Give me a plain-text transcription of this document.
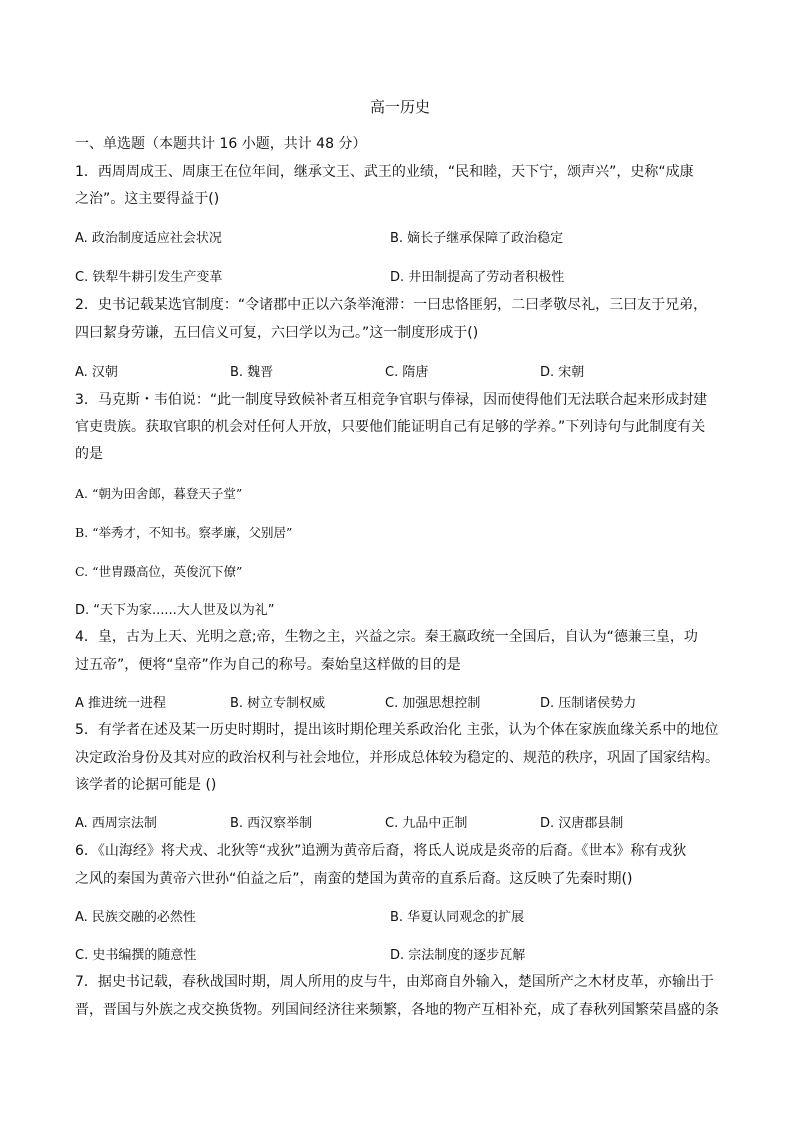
高一历史
一、单选题（本题共计 16 小题，共计 48 分）
1．西周周成王、周康王在位年间，继承文王、武王的业绩，“民和睦，天下宁，颂声兴”，史称“成康
之治”。这主要得益于()
A. 政治制度适应社会状况	B. 嫡长子继承保障了政治稳定
C. 铁犁牛耕引发生产变革	D. 井田制提高了劳动者积极性
2．史书记载某选官制度：“令诸郡中正以六条举淹滞：一曰忠恪匪躬，二曰孝敬尽礼，三曰友于兄弟，
四曰絜身劳谦，五曰信义可复，六曰学以为己。”这一制度形成于()
A. 汉朝	B. 魏晋	C. 隋唐	D. 宋朝
3．马克斯・韦伯说：“此一制度导致候补者互相竞争官职与俸禄，因而使得他们无法联合起来形成封建
官吏贵族。获取官职的机会对任何人开放，只要他们能证明自己有足够的学养。”下列诗句与此制度有关
的是
A. “朝为田舍郎，暮登天子堂”
B. “举秀才，不知书。察孝廉，父别居”
C. “世胄蹑高位，英俊沉下僚”
D. “天下为家......大人世及以为礼”
4．皇，古为上天、光明之意;帝，生物之主，兴益之宗。秦王嬴政统一全国后，自认为“德兼三皇，功
过五帝”，便将“皇帝”作为自己的称号。秦始皇这样做的目的是
A 推进统一进程	B. 树立专制权威	C. 加强思想控制	D. 压制诸侯势力
5．有学者在述及某一历史时期时，提出该时期伦理关系政治化 主张，认为个体在家族血缘关系中的地位
决定政治身份及其对应的政治权利与社会地位，并形成总体较为稳定的、规范的秩序，巩固了国家结构。
该学者的论据可能是 ()
A. 西周宗法制	B. 西汉察举制	C. 九品中正制	D. 汉唐郡县制
6．《山海经》将犬戎、北狄等“戎狄”追溯为黄帝后裔，将氐人说成是炎帝的后裔。《世本》称有戎狄
之风的秦国为黄帝六世孙“伯益之后”，南蛮的楚国为黄帝的直系后裔。这反映了先秦时期()
A. 民族交融的必然性	B. 华夏认同观念的扩展
C. 史书编撰的随意性	D. 宗法制度的逐步瓦解
7．据史书记载，春秋战国时期，周人所用的皮与牛，由郑商自外输入，楚国所产之木材皮革，亦输出于
晋，晋国与外族之戎交换货物。列国间经济往来频繁，各地的物产互相补充，成了春秋列国繁荣昌盛的条
